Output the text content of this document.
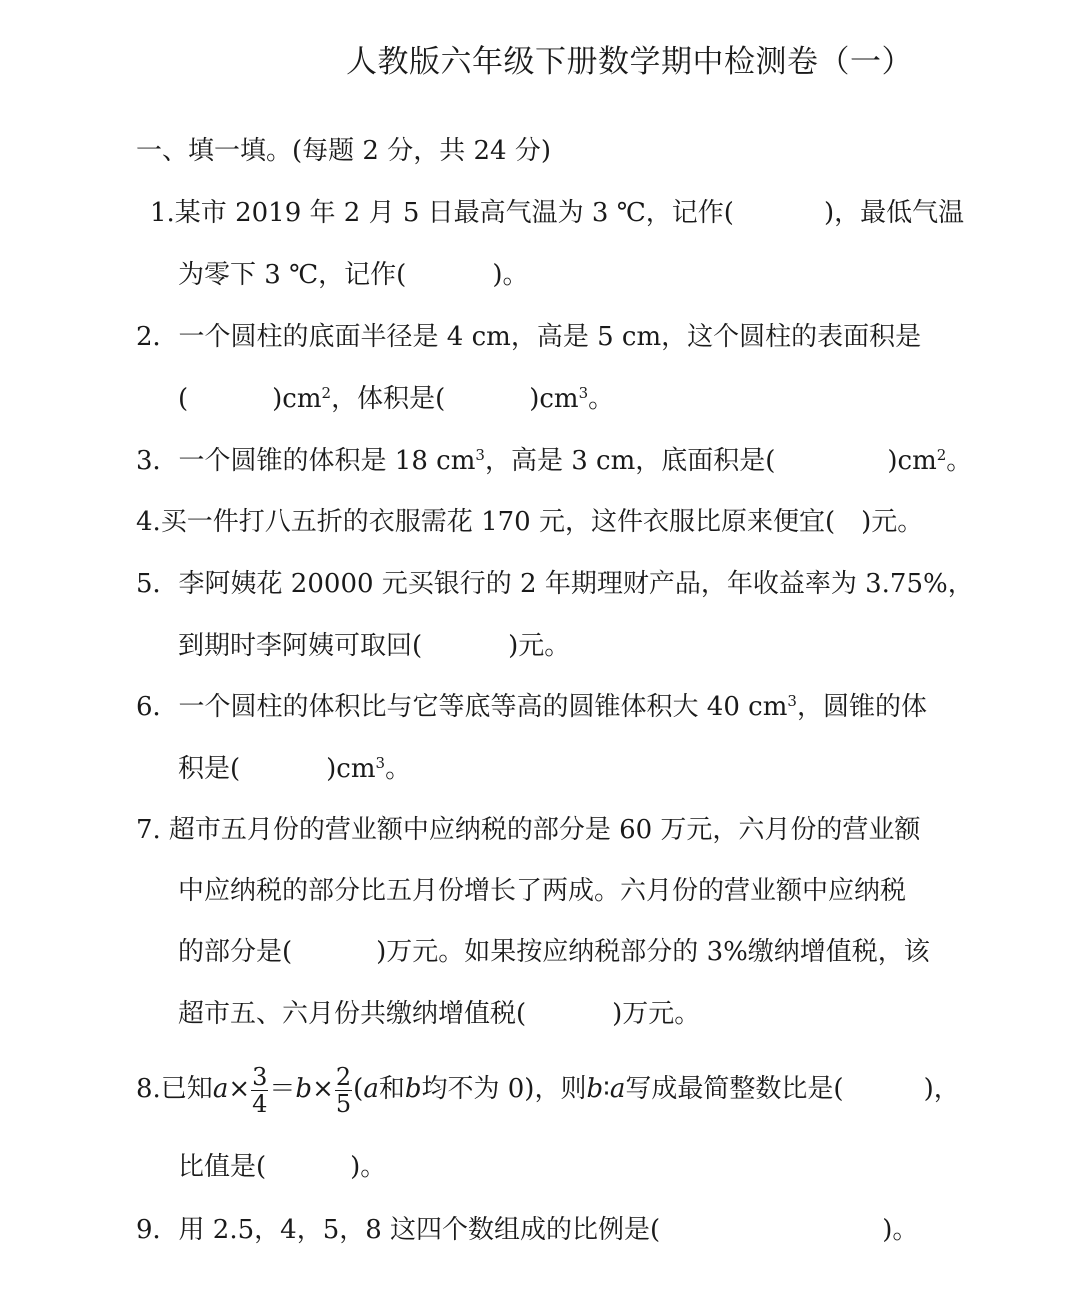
人教版六年级下册数学期中检测卷（一）
一、填一填。(每题 2 分，共 24 分)
1.某市 2019 年 2 月 5 日最高气温为 3 ℃，记作(	)，最低气温
为零下 3 ℃，记作(	)。
2．一个圆柱的底面半径是 4 cm，高是 5 cm，这个圆柱的表面积是
(	)$cm^2$，体积是(	)$cm^3$。
3．一个圆锥的体积是 18 $cm^3$，高是 3 cm，底面积是(	)$cm^2$。
4.买一件打八五折的衣服需花 170 元，这件衣服比原来便宜( )元。
5．李阿姨花 20000 元买银行的 2 年期理财产品，年收益率为 3.75%，
到期时李阿姨可取回(	)元。
6．一个圆柱的体积比与它等底等高的圆锥体积大 40 $cm^3$，圆锥的体
积是(	)$cm^3$。
7. 超市五月份的营业额中应纳税的部分是 60 万元，六月份的营业额
中应纳税的部分比五月份增长了两成。六月份的营业额中应纳税
的部分是(	)万元。如果按应纳税部分的 3%缴纳增值税，该
超市五、六月份共缴纳增值税(	)万元。
8.已知$a\times \frac{3}{4} =b\times \frac{2}{5} (a$和b均不为 0)，则b∶a写成最简整数比是(	)，
比值是(	)。
9．用 2.5，4，5，8 这四个数组成的比例是(	)。
